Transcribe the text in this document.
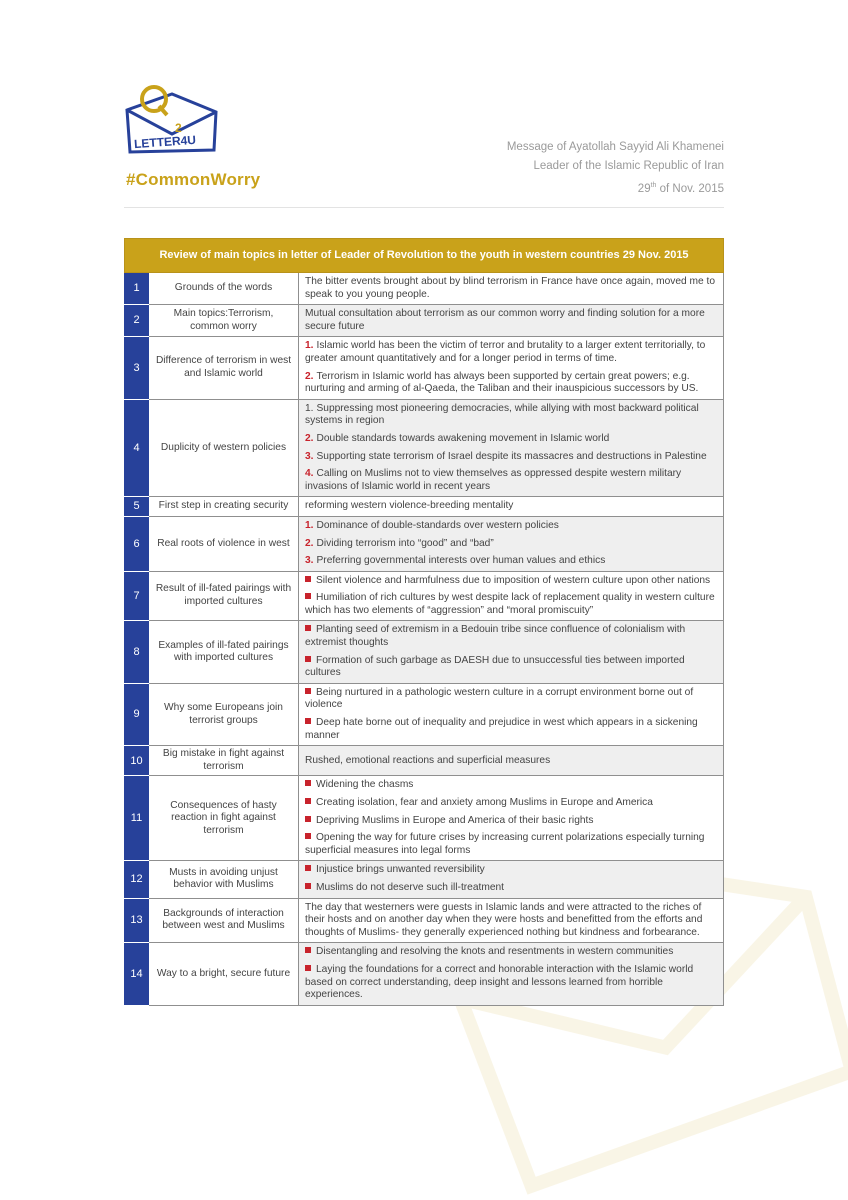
2
LETTER4U
#CommonWorry
Message of Ayatollah Sayyid Ali Khamenei
Leader of the Islamic Republic of Iran
29th of Nov. 2015
Review of main topics in letter of Leader of Revolution to the youth in western countries 29 Nov. 2015		
1	Grounds of the words	The bitter events brought about by blind terrorism in France have once again, moved me to speak to you young people.

2	Main topics:Terrorism, common worry	Mutual consultation about terrorism as our common worry and finding solution for a more secure future

3	Difference of terrorism in west and Islamic world	1. Islamic world has been the victim of terror and brutality to a larger extent territorially, to greater amount quantitatively and for a longer period in terms of time.
2. Terrorism in Islamic world has always been supported by certain great powers; e.g. nurturing and arming of al-Qaeda, the Taliban and their inauspicious successors by US.

4	Duplicity of western policies	1. Suppressing most pioneering democracies, while allying with most backward political systems in region
2. Double standards towards awakening movement in Islamic world
3. Supporting state terrorism of Israel despite its massacres and destructions in Palestine
4. Calling on Muslims not to view themselves as oppressed despite western military invasions of Islamic world in recent years

5	First step in creating security	reforming western violence-breeding mentality

6	Real roots of violence in west	1. Dominance of double-standards over western policies
2. Dividing terrorism into “good” and “bad”
3. Preferring governmental interests over human values and ethics

7	Result of ill-fated pairings with imported cultures	Silent violence and harmfulness due to imposition of western culture upon other nations
Humiliation of rich cultures by west despite lack of replacement quality in western culture which has two elements of “aggression” and “moral promiscuity”

8	Examples of ill-fated pairings with imported cultures	Planting seed of extremism in a Bedouin tribe since confluence of colonialism with extremist thoughts
Formation of such garbage as DAESH due to unsuccessful ties between imported cultures

9	Why some Europeans join terrorist groups	Being nurtured in a pathologic western culture in a corrupt environment borne out of violence
Deep hate borne out of inequality and prejudice in west which appears in a sickening manner

10	Big mistake in fight against terrorism	Rushed, emotional reactions and superficial measures

11	Consequences of hasty reaction in fight against terrorism	Widening the chasms
Creating isolation, fear and anxiety among Muslims in Europe and America
Depriving Muslims in Europe and America of their basic rights
Opening the way for future crises by increasing current polarizations especially turning superficial measures into legal forms

12	Musts in avoiding unjust behavior with Muslims	Injustice brings unwanted reversibility
Muslims do not deserve such ill-treatment

13	Backgrounds of interaction between west and Muslims	The day that westerners were guests in Islamic lands and were attracted to the riches of their hosts and on another day when they were hosts and benefitted from the efforts and thoughts of Muslims- they generally experienced nothing but kindness and forbearance.

14	Way to a bright, secure future	Disentangling and resolving the knots and resentments in western communities
Laying the foundations for a correct and honorable interaction with the Islamic world based on correct understanding, deep insight and lessons learned from horrible experiences.
